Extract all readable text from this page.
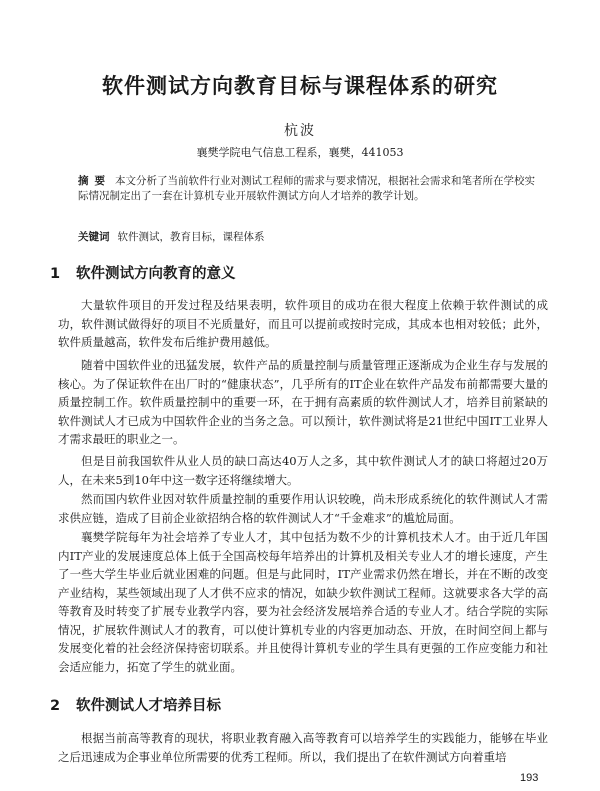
软件测试方向教育目标与课程体系的研究
杭波
襄樊学院电气信息工程系，襄樊，441053
摘要 本文分析了当前软件行业对测试工程师的需求与要求情况，根据社会需求和笔者所在学校实际情况制定出了一套在计算机专业开展软件测试方向人才培养的教学计划。
关键词 软件测试，教育目标，课程体系
1 软件测试方向教育的意义

大量软件项目的开发过程及结果表明，软件项目的成功在很大程度上依赖于软件测试的成功，软件测试做得好的项目不光质量好，而且可以提前或按时完成，其成本也相对较低；此外，软件质量越高，软件发布后维护费用越低。

随着中国软件业的迅猛发展，软件产品的质量控制与质量管理正逐渐成为企业生存与发展的核心。为了保证软件在出厂时的“健康状态”，几乎所有的IT企业在软件产品发布前都需要大量的质量控制工作。软件质量控制中的重要一环，在于拥有高素质的软件测试人才，培养目前紧缺的软件测试人才已成为中国软件企业的当务之急。可以预计，软件测试将是21世纪中国IT工业界人才需求最旺的职业之一。

但是目前我国软件从业人员的缺口高达40万人之多，其中软件测试人才的缺口将超过20万人，在未来5到10年中这一数字还将继续增大。

然而国内软件业因对软件质量控制的重要作用认识较晚，尚未形成系统化的软件测试人才需求供应链，造成了目前企业欲招纳合格的软件测试人才“千金难求”的尴尬局面。

襄樊学院每年为社会培养了专业人才，其中包括为数不少的计算机技术人才。由于近几年国内IT产业的发展速度总体上低于全国高校每年培养出的计算机及相关专业人才的增长速度，产生了一些大学生毕业后就业困难的问题。但是与此同时，IT产业需求仍然在增长，并在不断的改变产业结构，某些领域出现了人才供不应求的情况，如缺少软件测试工程师。这就要求各大学的高等教育及时转变了扩展专业教学内容，要为社会经济发展培养合适的专业人才。结合学院的实际情况，扩展软件测试人才的教育，可以使计算机专业的内容更加动态、开放，在时间空间上都与发展变化着的社会经济保持密切联系。并且使得计算机专业的学生具有更强的工作应变能力和社会适应能力，拓宽了学生的就业面。

2 软件测试人才培养目标

根据当前高等教育的现状，将职业教育融入高等教育可以培养学生的实践能力，能够在毕业之后迅速成为企事业单位所需要的优秀工程师。所以，我们提出了在软件测试方向着重培

193
